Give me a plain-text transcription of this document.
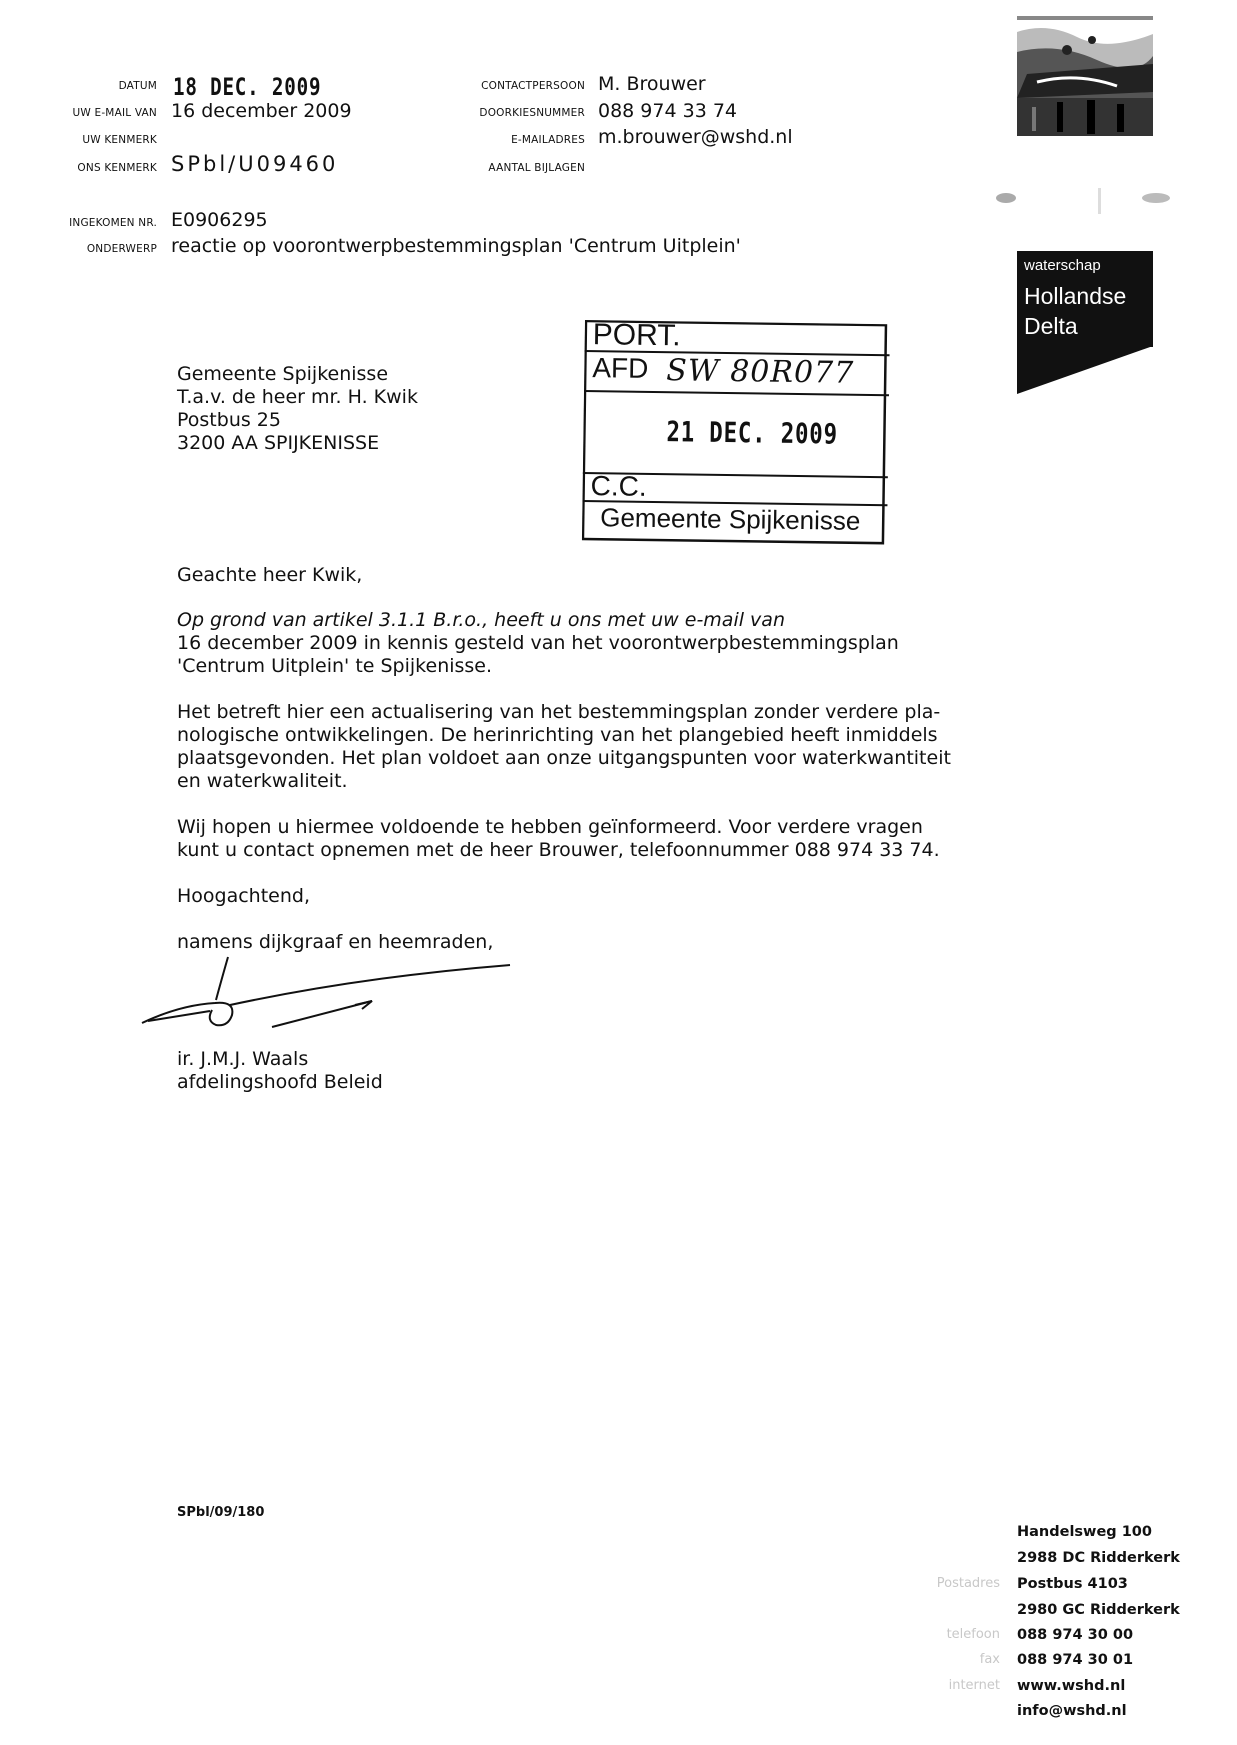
DATUM 18 DEC. 2009
UW E-MAIL VAN 16 december 2009
UW KENMERK
ONS KENMERK SPbl/U09460
CONTACTPERSOON M. Brouwer
DOORKIESNUMMER 088 974 33 74
E-MAILADRES m.brouwer@wshd.nl
AANTAL BIJLAGEN
INGEKOMEN NR. E0906295
ONDERWERP reactie op voorontwerpbestemmingsplan 'Centrum Uitplein'
waterschap
Hollandse
Delta
Gemeente Spijkenisse
T.a.v. de heer mr. H. Kwik
Postbus 25
3200 AA SPIJKENISSE
PORT.
AFD SW 80R077
21 DEC. 2009
C.C.
Gemeente Spijkenisse
Geachte heer Kwik,
Op grond van artikel 3.1.1 B.r.o., heeft u ons met uw e-mail van
16 december 2009 in kennis gesteld van het voorontwerpbestemmingsplan
'Centrum Uitplein' te Spijkenisse.
Het betreft hier een actualisering van het bestemmingsplan zonder verdere pla-
nologische ontwikkelingen. De herinrichting van het plangebied heeft inmiddels
plaatsgevonden. Het plan voldoet aan onze uitgangspunten voor waterkwantiteit
en waterkwaliteit.
Wij hopen u hiermee voldoende te hebben geïnformeerd. Voor verdere vragen
kunt u contact opnemen met de heer Brouwer, telefoonnummer 088 974 33 74.
Hoogachtend,
namens dijkgraaf en heemraden,
ir. J.M.J. Waals
afdelingshoofd Beleid
SPbl/09/180
Handelsweg 100
2988 DC Ridderkerk
Postadres Postbus 4103
2980 GC Ridderkerk
telefoon 088 974 30 00
fax 088 974 30 01
internet www.wshd.nl
info@wshd.nl
